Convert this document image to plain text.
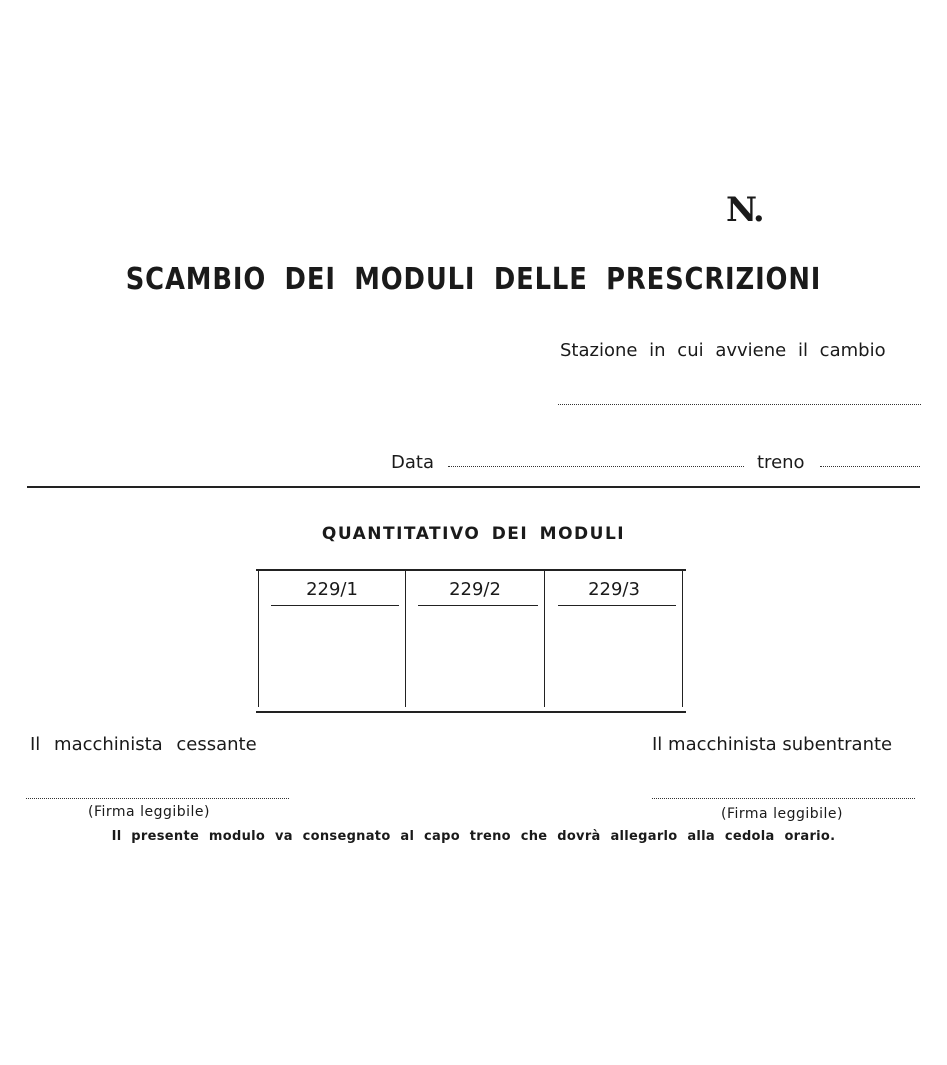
N.
SCAMBIO DEI MODULI DELLE PRESCRIZIONI
Stazione in cui avviene il cambio
Data	treno
QUANTITATIVO DEI MODULI
229/1	229/2	229/3
Il macchinista cessante	Il macchinista subentrante
(Firma leggibile)	(Firma leggibile)
Il presente modulo va consegnato al capo treno che dovrà allegarlo alla cedola orario.
